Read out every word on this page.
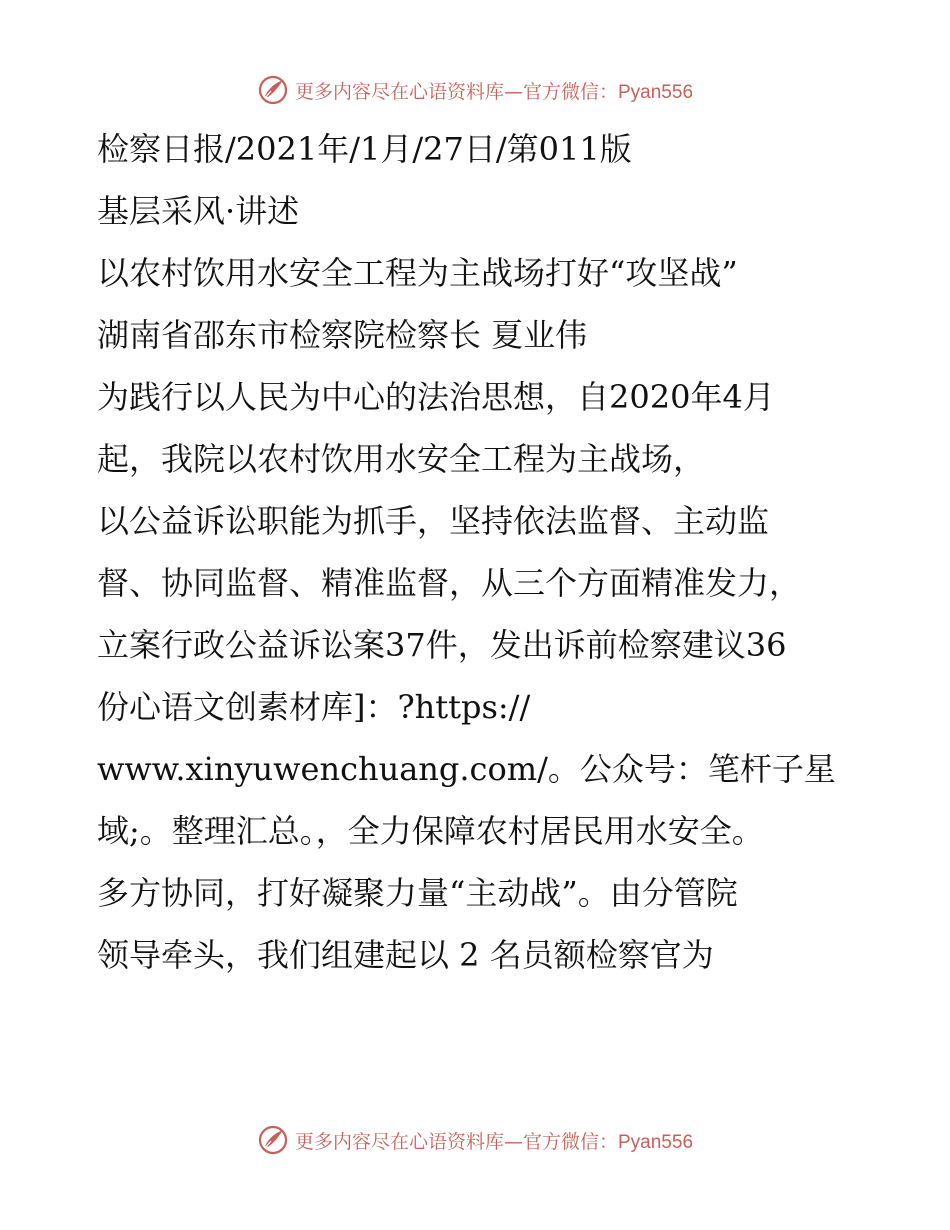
更多内容尽在心语资料库—官方微信：Pyan556
检察日报/2021年/1月/27日/第011版
基层采风·讲述
以农村饮用水安全工程为主战场打好“攻坚战”
湖南省邵东市检察院检察长 夏业伟
为践行以人民为中心的法治思想，自2020年4月
起，我院以农村饮用水安全工程为主战场，
以公益诉讼职能为抓手，坚持依法监督、主动监
督、协同监督、精准监督，从三个方面精准发力，
立案行政公益诉讼案37件，发出诉前检察建议36
份心语文创素材库]：?https://
www.xinyuwenchuang.com/。公众号：笔杆子星
域;。整理汇总。，全力保障农村居民用水安全。
多方协同，打好凝聚力量“主动战”。由分管院
领导牵头，我们组建起以 2 名员额检察官为
更多内容尽在心语资料库—官方微信：Pyan556
